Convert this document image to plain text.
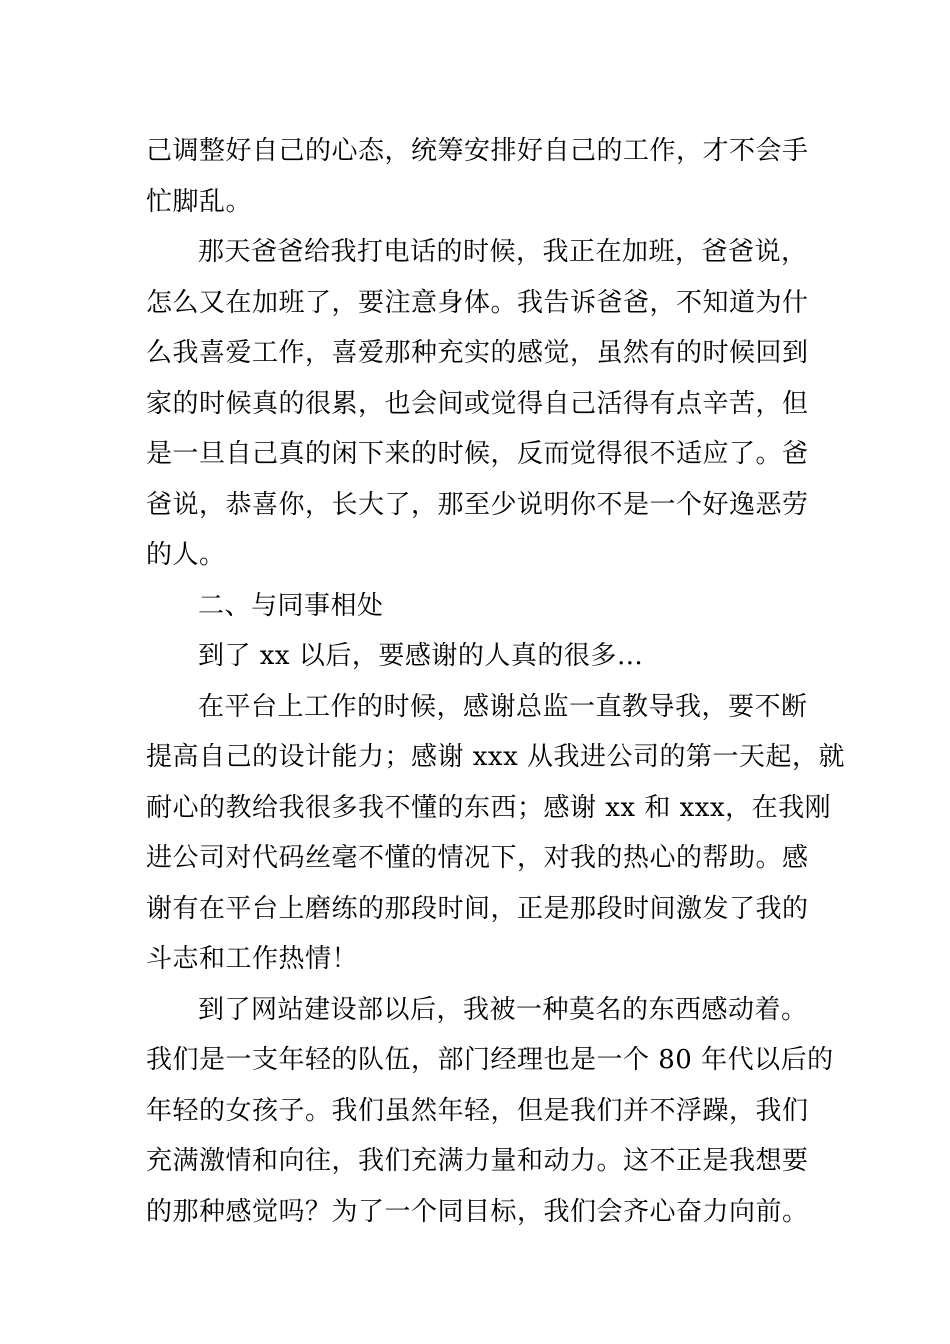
己调整好自己的心态，统筹安排好自己的工作，才不会手
忙脚乱。
那天爸爸给我打电话的时候，我正在加班，爸爸说，
怎么又在加班了，要注意身体。我告诉爸爸，不知道为什
么我喜爱工作，喜爱那种充实的感觉，虽然有的时候回到
家的时候真的很累，也会间或觉得自己活得有点辛苦，但
是一旦自己真的闲下来的时候，反而觉得很不适应了。爸
爸说，恭喜你，长大了，那至少说明你不是一个好逸恶劳
的人。
二、与同事相处
到了 xx 以后，要感谢的人真的很多…
在平台上工作的时候，感谢总监一直教导我，要不断
提高自己的设计能力；感谢 xxx 从我进公司的第一天起，就
耐心的教给我很多我不懂的东西；感谢 xx 和 xxx，在我刚
进公司对代码丝毫不懂的情况下，对我的热心的帮助。感
谢有在平台上磨练的那段时间，正是那段时间激发了我的
斗志和工作热情！
到了网站建设部以后，我被一种莫名的东西感动着。
我们是一支年轻的队伍，部门经理也是一个 80 年代以后的
年轻的女孩子。我们虽然年轻，但是我们并不浮躁，我们
充满激情和向往，我们充满力量和动力。这不正是我想要
的那种感觉吗？为了一个同目标，我们会齐心奋力向前。
